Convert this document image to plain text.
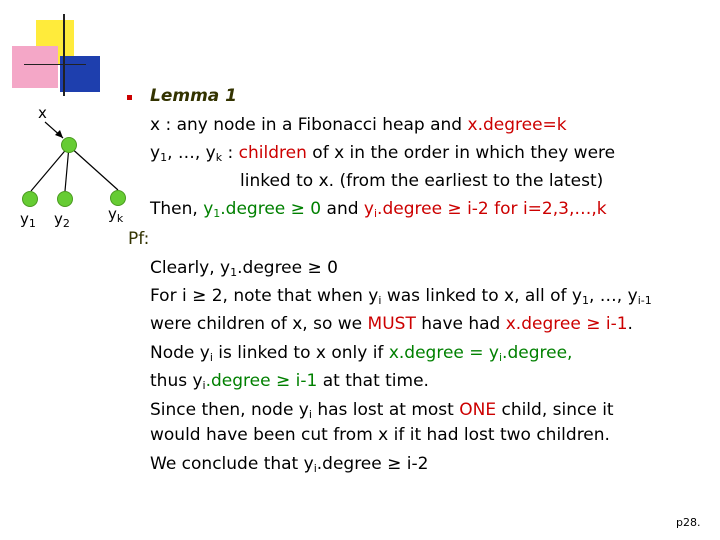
x
$y_1$ $y_2$
$y_k$
Lemma 1
x : any node in a Fibonacci heap and x.degree=k
$y_1$, …, $y_k$ : children of x in the order in which they were
linked to x. (from the earliest to the latest)
Then, $y_1.degree \ge 0$ and $y_i.degree \ge i-2$ for i=2,3,…,k
Pf:
Clearly, $y_1.degree \ge 0$
For i ≥ 2, note that when $y_i$ was linked to x, all of $y_1$, …, $y_{i-1}$
were children of x, so we MUST have had x.degree ≥ i-1.
Node $y_i$ is linked to x only if x.degree = $y_i.degree$,
thus $y_i.degree \ge i-1$ at that time.
Since then, node $y_i$ has lost at most ONE child, since it
would have been cut from x if it had lost two children.
We conclude that $y_i.degree \ge i-2$
p28.
